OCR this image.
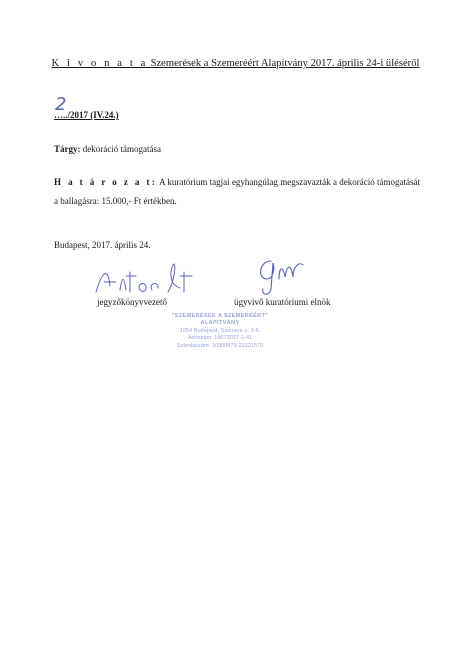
K i v o n a t a Szemerések a Szemeréért Alapítvány 2017. április 24-i üléséről
2
…../2017 (IV.24.)
Tárgy: dekoráció támogatása
H a t á r o z a t: A kuratórium tagjai egyhangúlag megszavazták a dekoráció támogatását a ballagásra: 15.000,- Ft értékben.
Budapest, 2017. április 24.
jegyzőkönyvvezető	ügyvivő kuratóriumi elnök
"SZEMERÉSEK A SZEMERÉÉRT"
ALAPÍTVÁNY
1054 Budapest, Szemere u. 3-5.
Adószám: 19673037-1-41
Számlaszám: 10300879-22221570
